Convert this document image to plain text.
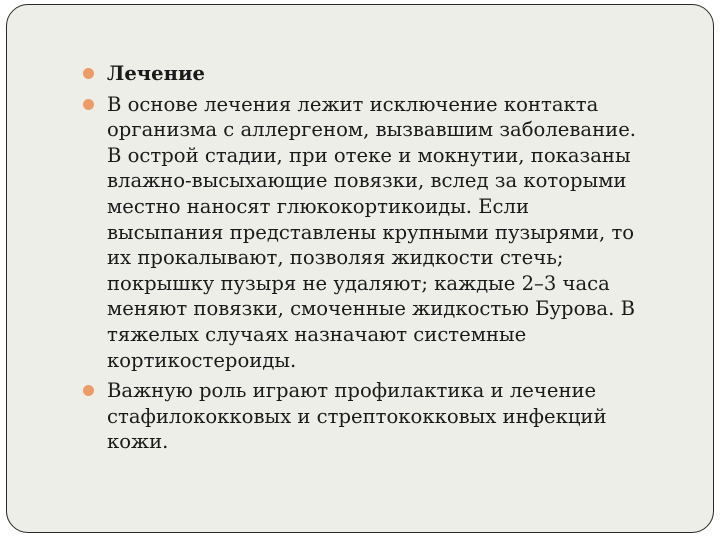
Лечение
В основе лечения лежит исключение контакта организма с аллергеном, вызвавшим заболевание. В острой стадии, при отеке и мокнутии, показаны влажно-высыхающие повязки, вслед за которыми местно наносят глюкокортикоиды. Если высыпания представлены крупными пузырями, то их прокалывают, позволяя жидкости стечь; покрышку пузыря не удаляют; каждые 2–3 часа меняют повязки, смоченные жидкостью Бурова. В тяжелых случаях назначают системные кортикостероиды.
Важную роль играют профилактика и лечение стафилококковых и стрептококковых инфекций кожи.
